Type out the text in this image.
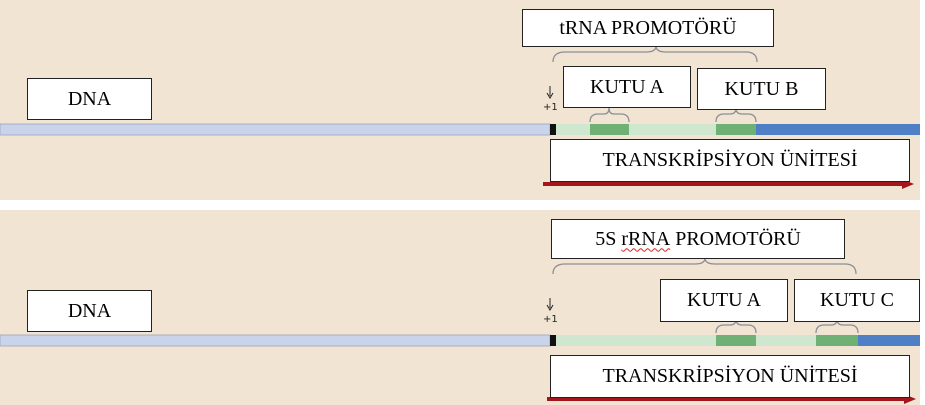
+1
+1
DNA
tRNA PROMOTÖRÜ
KUTU A	KUTU B
TRANSKRİPSİYON ÜNİTESİ
DNA
5S rRNA PROMOTÖRÜ
KUTU A	KUTU C
TRANSKRİPSİYON ÜNİTESİ
